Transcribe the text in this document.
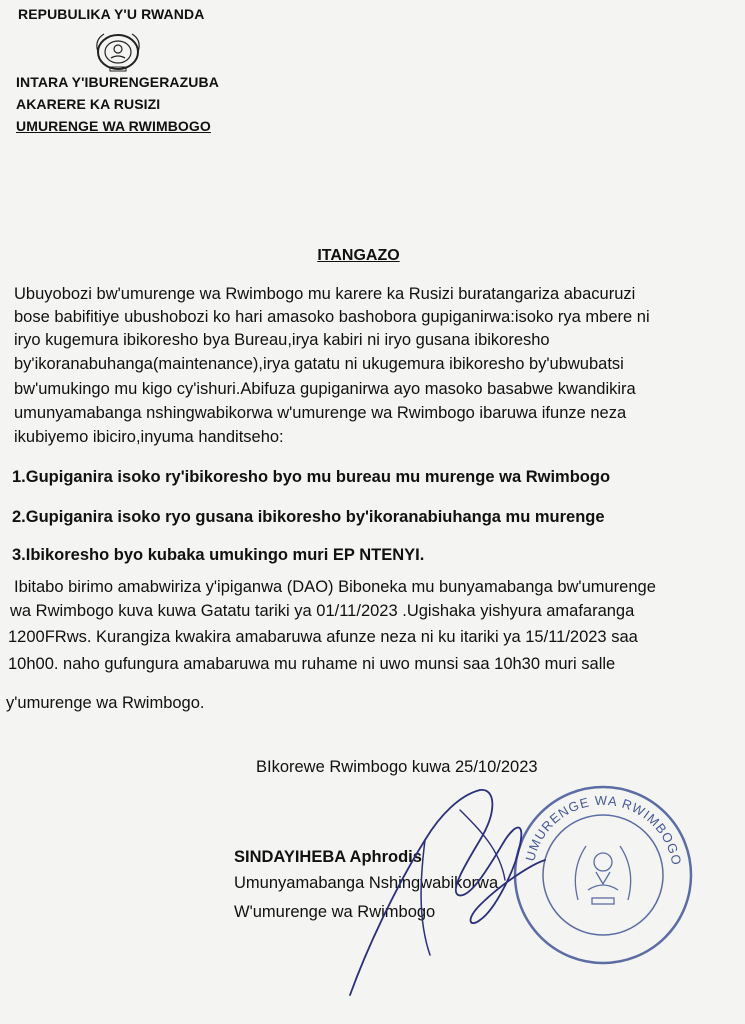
REPUBULIKA Y'U RWANDA
INTARA Y'IBURENGERAZUBA
AKARERE KA RUSIZI
UMURENGE WA RWIMBOGO
ITANGAZO
Ubuyobozi bw'umurenge wa Rwimbogo mu karere ka Rusizi buratangariza abacuruzi
bose babifitiye ubushobozi ko hari amasoko bashobora gupiganirwa:isoko rya mbere ni
iryo kugemura ibikoresho bya Bureau,irya kabiri ni iryo gusana ibikoresho
by'ikoranabuhanga(maintenance),irya gatatu ni ukugemura ibikoresho by'ubwubatsi
bw'umukingo mu kigo cy'ishuri.Abifuza gupiganirwa ayo masoko basabwe kwandikira
umunyamabanga nshingwabikorwa w'umurenge wa Rwimbogo ibaruwa ifunze neza
ikubiyemo ibiciro,inyuma handitseho:
1.Gupiganira isoko ry'ibikoresho byo mu bureau mu murenge wa Rwimbogo
2.Gupiganira isoko ryo gusana ibikoresho by'ikoranabiuhanga mu murenge
3.Ibikoresho byo kubaka umukingo muri EP NTENYI.
Ibitabo birimo amabwiriza y'ipiganwa (DAO) Biboneka mu bunyamabanga bw'umurenge
wa Rwimbogo kuva kuwa Gatatu tariki ya 01/11/2023 .Ugishaka yishyura amafaranga
1200FRws. Kurangiza kwakira amabaruwa afunze neza ni ku itariki ya 15/11/2023 saa
10h00. naho gufungura amabaruwa mu ruhame ni uwo munsi saa 10h30 muri salle
y'umurenge wa Rwimbogo.
UMURENGE WA RWIMBOGO
BIkorewe Rwimbogo kuwa 25/10/2023
SINDAYIHEBA Aphrodis
Umunyamabanga Nshingwabikorwa
W'umurenge wa Rwimbogo
